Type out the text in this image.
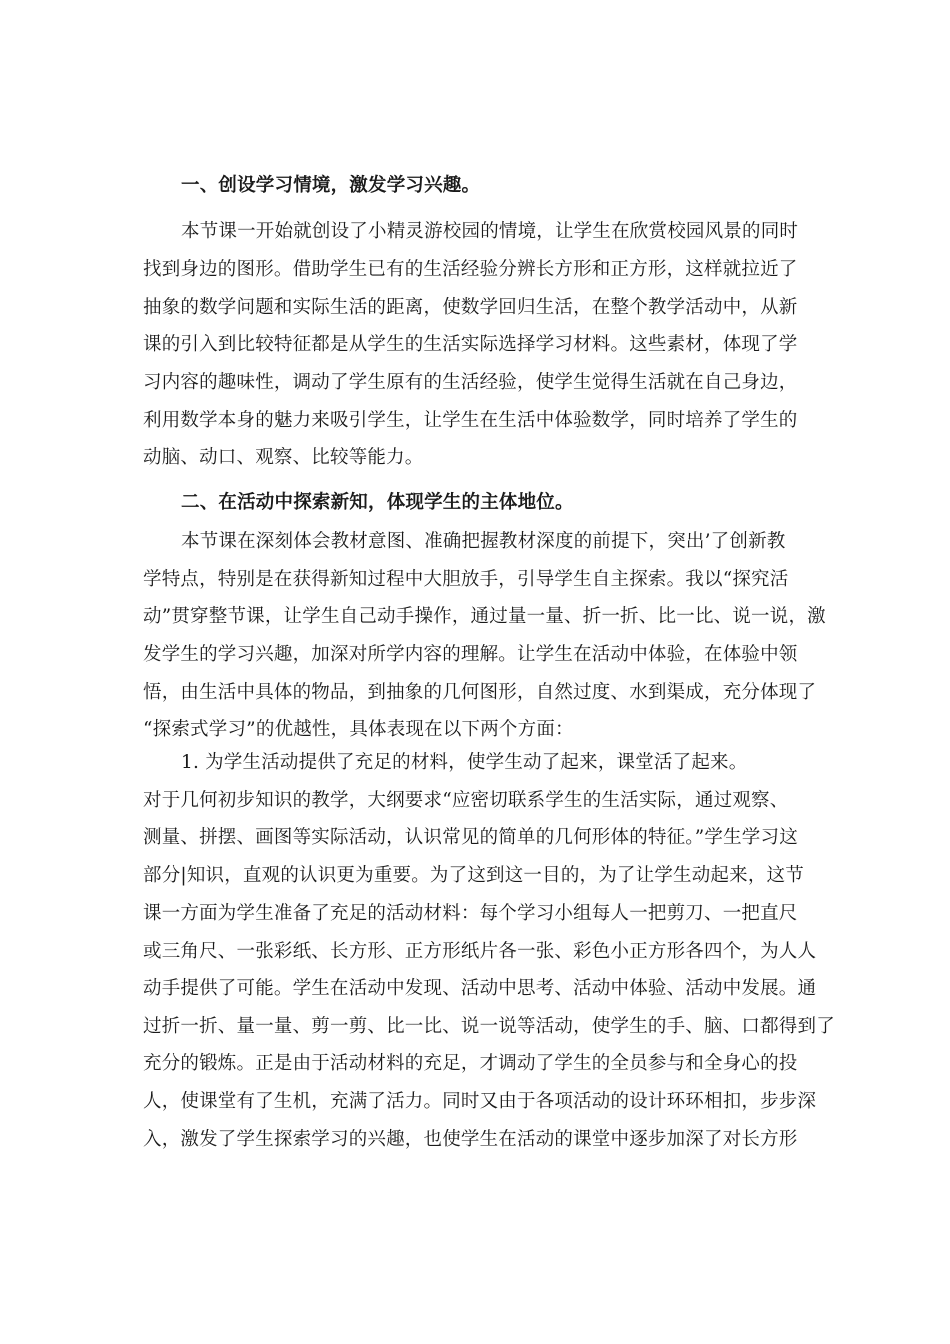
一、创设学习情境，激发学习兴趣。
本节课一开始就创设了小精灵游校园的情境，让学生在欣赏校园风景的同时
找到身边的图形。借助学生已有的生活经验分辨长方形和正方形，这样就拉近了
抽象的数学问题和实际生活的距离，使数学回归生活，在整个教学活动中，从新
课的引入到比较特征都是从学生的生活实际选择学习材料。这些素材，体现了学
习内容的趣味性，调动了学生原有的生活经验，使学生觉得生活就在自己身边，
利用数学本身的魅力来吸引学生，让学生在生活中体验数学，同时培养了学生的
动脑、动口、观察、比较等能力。
二、在活动中探索新知，体现学生的主体地位。
本节课在深刻体会教材意图、准确把握教材深度的前提下，突出’了创新教
学特点，特别是在获得新知过程中大胆放手，引导学生自主探索。我以“探究活
动”贯穿整节课，让学生自己动手操作，通过量一量、折一折、比一比、说一说，激
发学生的学习兴趣，加深对所学内容的理解。让学生在活动中体验，在体验中领
悟，由生活中具体的物品，到抽象的几何图形，自然过度、水到渠成，充分体现了
“探索式学习”的优越性，具体表现在以下两个方面：
1. 为学生活动提供了充足的材料，使学生动了起来，课堂活了起来。
对于几何初步知识的教学，大纲要求“应密切联系学生的生活实际，通过观察、
测量、拼摆、画图等实际活动，认识常见的简单的几何形体的特征。”学生学习这
部分|知识，直观的认识更为重要。为了这到这一目的，为了让学生动起来，这节
课一方面为学生准备了充足的活动材料：每个学习小组每人一把剪刀、一把直尺
或三角尺、一张彩纸、长方形、正方形纸片各一张、彩色小正方形各四个，为人人
动手提供了可能。学生在活动中发现、活动中思考、活动中体验、活动中发展。通
过折一折、量一量、剪一剪、比一比、说一说等活动，使学生的手、脑、口都得到了
充分的锻炼。正是由于活动材料的充足，才调动了学生的全员参与和全身心的投
人，使课堂有了生机，充满了活力。同时又由于各项活动的设计环环相扣，步步深
入，激发了学生探索学习的兴趣，也使学生在活动的课堂中逐步加深了对长方形
